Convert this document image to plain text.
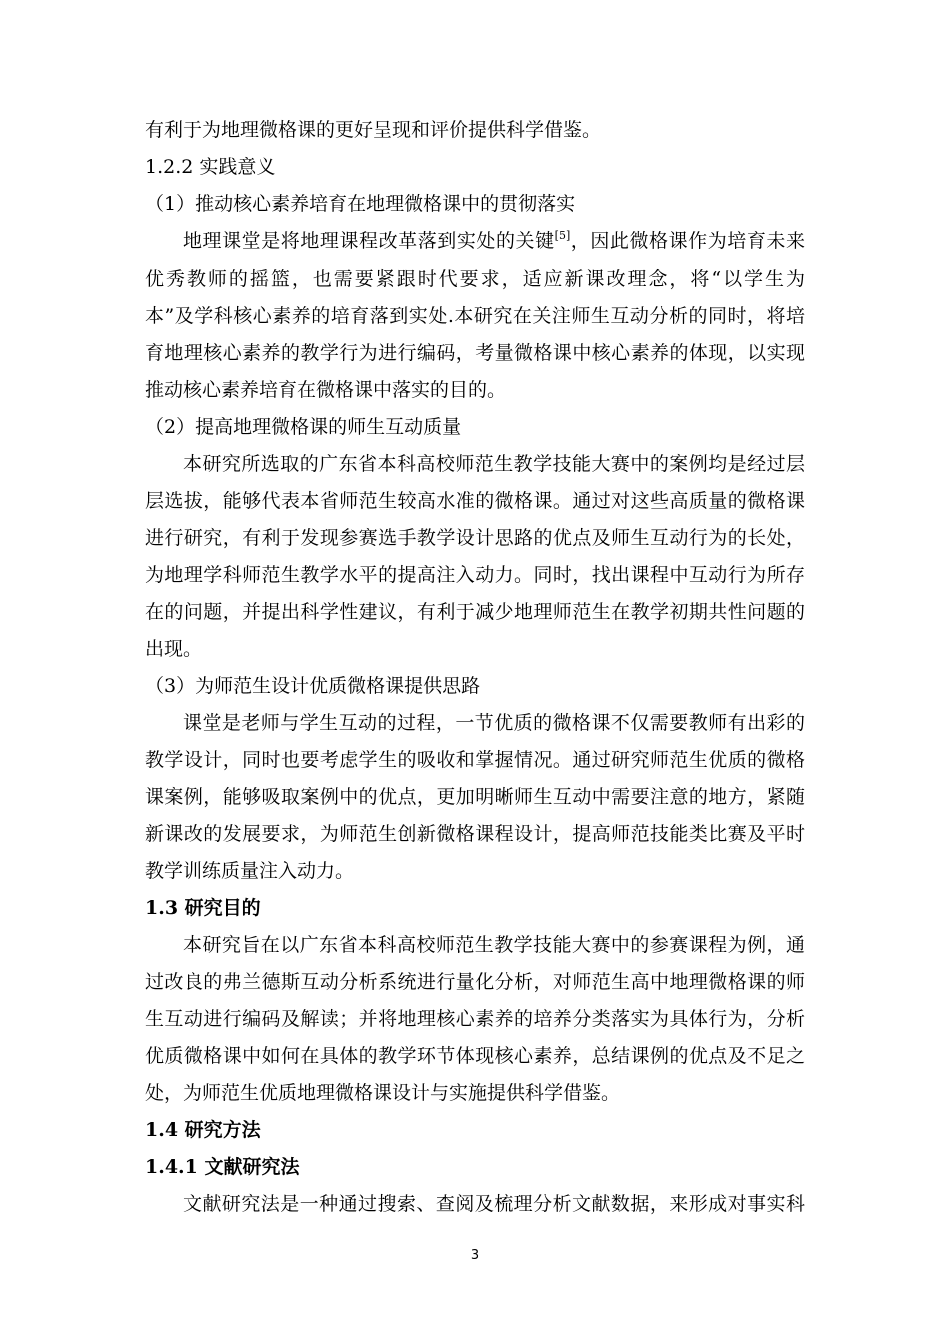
有利于为地理微格课的更好呈现和评价提供科学借鉴。
1.2.2 实践意义
（1）推动核心素养培育在地理微格课中的贯彻落实
地理课堂是将地理课程改革落到实处的关键[5]，因此微格课作为培育未来
优秀教师的摇篮，也需要紧跟时代要求，适应新课改理念，将“以学生为
本”及学科核心素养的培育落到实处.本研究在关注师生互动分析的同时，将培
育地理核心素养的教学行为进行编码，考量微格课中核心素养的体现，以实现
推动核心素养培育在微格课中落实的目的。
（2）提高地理微格课的师生互动质量
本研究所选取的广东省本科高校师范生教学技能大赛中的案例均是经过层
层选拔，能够代表本省师范生较高水准的微格课。通过对这些高质量的微格课
进行研究，有利于发现参赛选手教学设计思路的优点及师生互动行为的长处，
为地理学科师范生教学水平的提高注入动力。同时，找出课程中互动行为所存
在的问题，并提出科学性建议，有利于减少地理师范生在教学初期共性问题的
出现。
（3）为师范生设计优质微格课提供思路
课堂是老师与学生互动的过程，一节优质的微格课不仅需要教师有出彩的
教学设计，同时也要考虑学生的吸收和掌握情况。通过研究师范生优质的微格
课案例，能够吸取案例中的优点，更加明晰师生互动中需要注意的地方，紧随
新课改的发展要求，为师范生创新微格课程设计，提高师范技能类比赛及平时
教学训练质量注入动力。
1.3 研究目的
本研究旨在以广东省本科高校师范生教学技能大赛中的参赛课程为例，通
过改良的弗兰德斯互动分析系统进行量化分析，对师范生高中地理微格课的师
生互动进行编码及解读；并将地理核心素养的培养分类落实为具体行为，分析
优质微格课中如何在具体的教学环节体现核心素养，总结课例的优点及不足之
处，为师范生优质地理微格课设计与实施提供科学借鉴。
1.4 研究方法
1.4.1 文献研究法
文献研究法是一种通过搜索、查阅及梳理分析文献数据，来形成对事实科
3
